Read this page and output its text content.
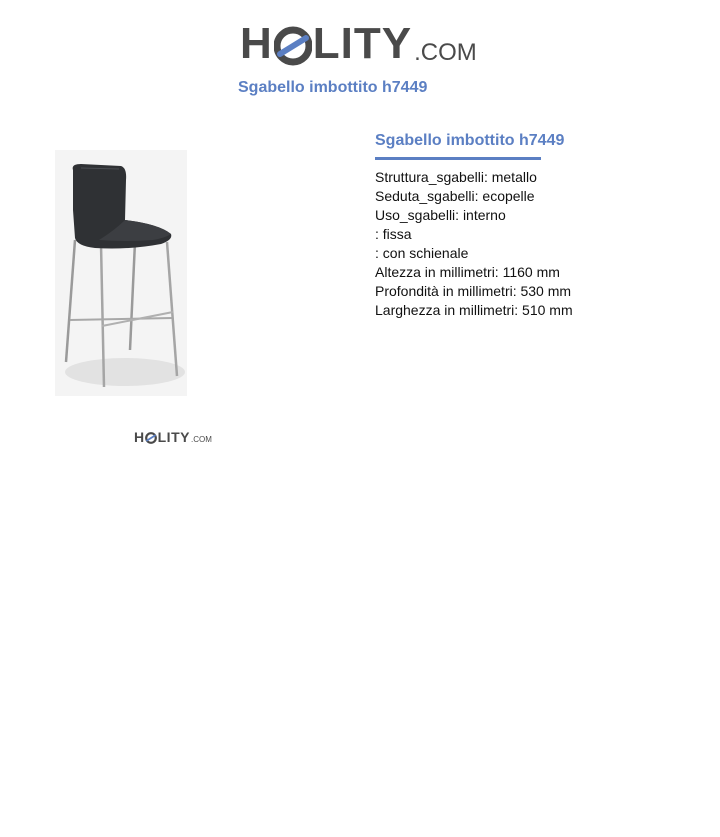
H LITY .COM
Sgabello imbottito h7449
H LITY .COM
Sgabello imbottito h7449
Struttura_sgabelli: metallo
Seduta_sgabelli: ecopelle
Uso_sgabelli: interno
: fissa
: con schienale
Altezza in millimetri: 1160 mm
Profondità in millimetri: 530 mm
Larghezza in millimetri: 510 mm
